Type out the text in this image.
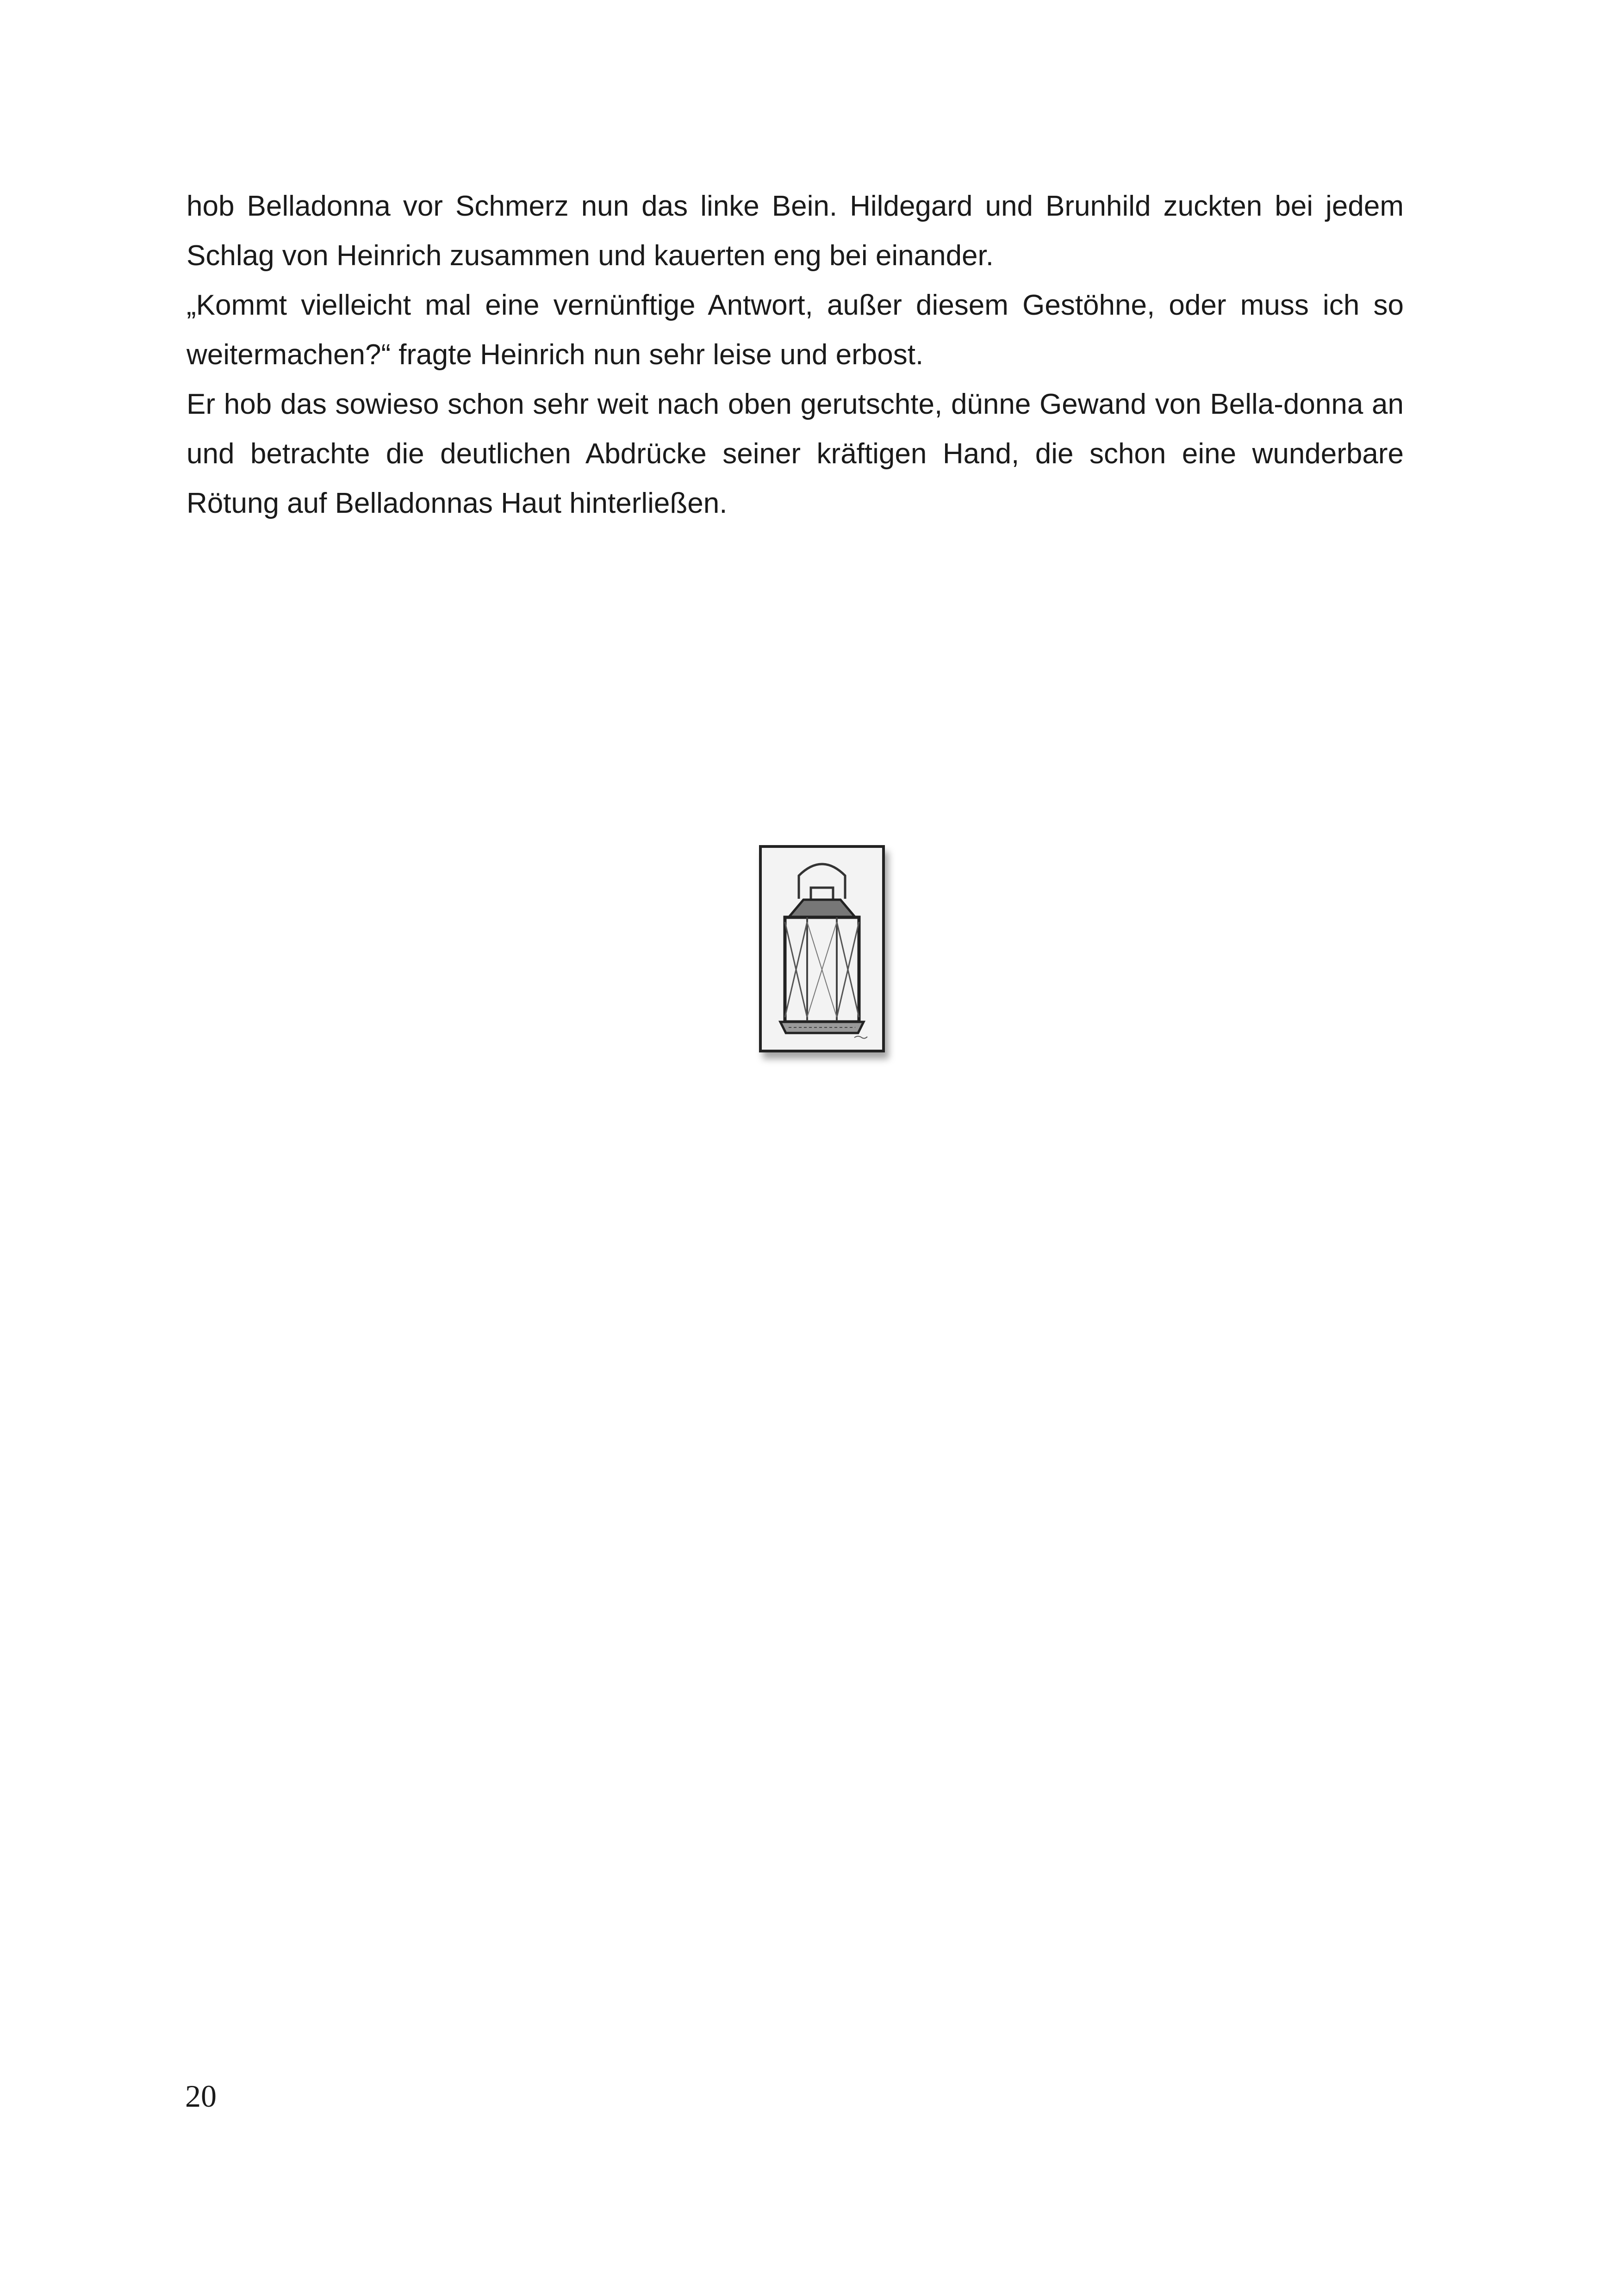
hob Belladonna vor Schmerz nun das linke Bein. Hildegard und Brunhild zuckten bei jedem Schlag von Heinrich zusammen und kauerten eng bei einander.

„Kommt vielleicht mal eine vernünftige Antwort, außer diesem Gestöhne, oder muss ich so weitermachen?“ fragte Heinrich nun sehr leise und erbost.

Er hob das sowieso schon sehr weit nach oben gerutschte, dünne Gewand von Bella-donna an und betrachte die deutlichen Abdrücke seiner kräftigen Hand, die schon eine wunderbare Rötung auf Belladonnas Haut hinterließen.

20
